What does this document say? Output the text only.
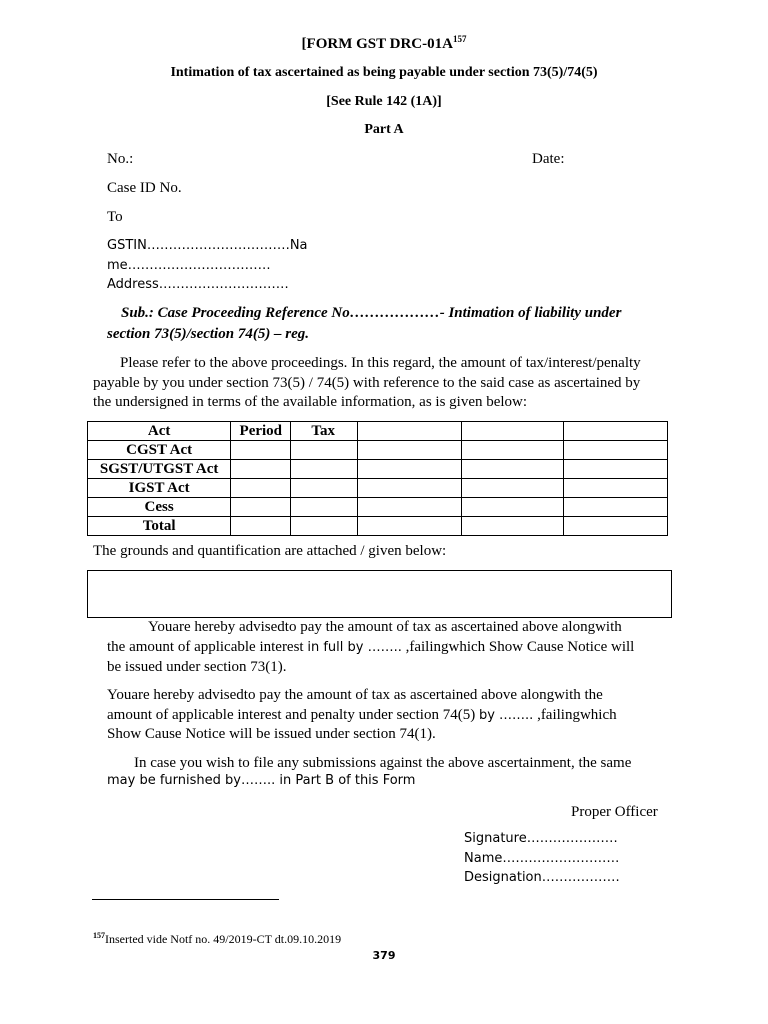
[FORM GST DRC-$01A^{157}$
Intimation of tax ascertained as being payable under section 73(5)/74(5)
[See Rule 142 (1A)]
Part A
No.:	Date:
Case ID No.
To
GSTIN……………………………Na
me……………………………
Address…………………………
Sub.: Case Proceeding Reference No………………- Intimation of liability under
section 73(5)/section 74(5) – reg.
Please refer to the above proceedings. In this regard, the amount of tax/interest/penalty
payable by you under section 73(5) / 74(5) with reference to the said case as ascertained by
the undersigned in terms of the available information, as is given below:
Act	Period	Tax			
CGST Act					
SGST/UTGST Act					
IGST Act					
Cess					
Total					
The grounds and quantification are attached / given below:
Youare hereby advisedto pay the amount of tax as ascertained above alongwith
the amount of applicable interest in full by …….. ,failingwhich Show Cause Notice will
be issued under section 73(1).
Youare hereby advisedto pay the amount of tax as ascertained above alongwith the
amount of applicable interest and penalty under section 74(5) by …….. ,failingwhich
Show Cause Notice will be issued under section 74(1).
In case you wish to file any submissions against the above ascertainment, the same
may be furnished by…….. in Part B of this Form
Proper Officer
Signature…………………
Name………………………
Designation………………
$^{157}$Inserted vide Notf no. 49/2019-CT dt.09.10.2019
379
